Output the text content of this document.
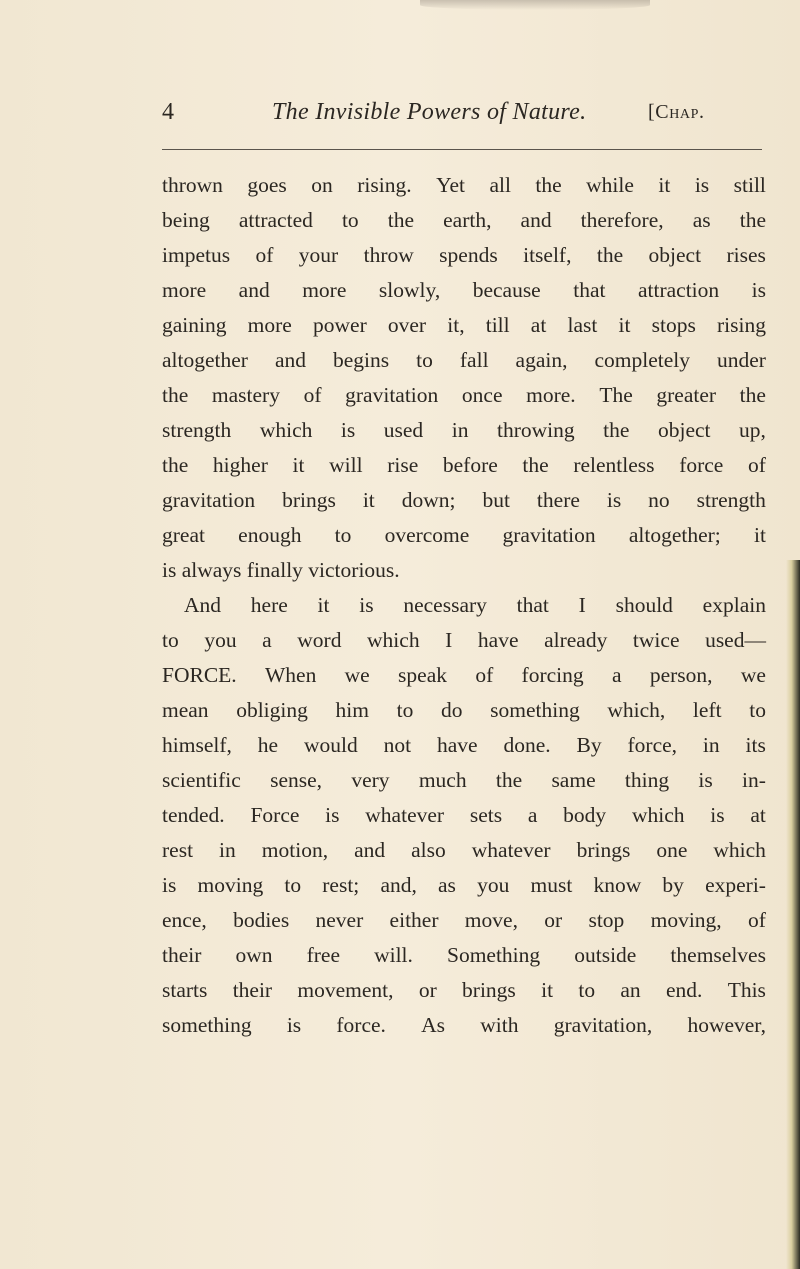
4	The Invisible Powers of Nature.	[Chap.
thrown goes on rising. Yet all the while it is still
being attracted to the earth, and therefore, as the
impetus of your throw spends itself, the object rises
more and more slowly, because that attraction is
gaining more power over it, till at last it stops rising
altogether and begins to fall again, completely under
the mastery of gravitation once more. The greater the
strength which is used in throwing the object up,
the higher it will rise before the relentless force of
gravitation brings it down; but there is no strength
great enough to overcome gravitation altogether; it
is always finally victorious.
And here it is necessary that I should explain
to you a word which I have already twice used—
FORCE. When we speak of forcing a person, we
mean obliging him to do something which, left to
himself, he would not have done. By force, in its
scientific sense, very much the same thing is in-
tended. Force is whatever sets a body which is at
rest in motion, and also whatever brings one which
is moving to rest; and, as you must know by experi-
ence, bodies never either move, or stop moving, of
their own free will. Something outside themselves
starts their movement, or brings it to an end. This
something is force. As with gravitation, however,
